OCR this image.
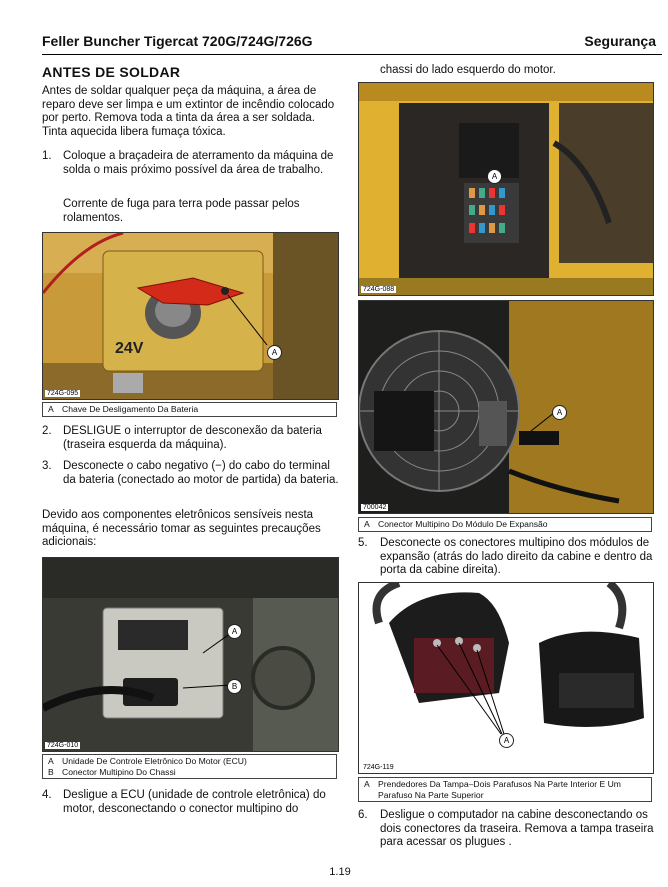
Feller Buncher Tigercat 720G/724G/726G	Segurança
ANTES DE SOLDAR
Antes de soldar qualquer peça da máquina, a área de reparo deve ser limpa e um extintor de incêndio colocado por perto. Remova toda a tinta da área a ser soldada. Tinta aquecida libera fumaça tóxica.
1. Coloque a braçadeira de aterramento da máquina de solda o mais próximo possível da área de trabalho.
Corrente de fuga para terra pode passar pelos rolamentos.
24V	A
724G-095
A Chave De Desligamento Da Bateria
2. DESLIGUE o interruptor de desconexão da bateria (traseira esquerda da máquina).
3. Desconecte o cabo negativo (−) do cabo do terminal da bateria (conectado ao motor de partida) da bateria.
Devido aos componentes eletrônicos sensíveis nesta máquina, é necessário tomar as seguintes precauções adicionais:
A
B
724G-010
A Unidade De Controle Eletrônico Do Motor (ECU)
B Conector Multipino Do Chassi
4. Desligue a ECU (unidade de controle eletrônica) do motor, desconectando o conector multipino do
chassi do lado esquerdo do motor.
A
724G-088
A
700042
A Conector Multipino Do Módulo De Expansão
5.	Desconecte os conectores multipino dos módulos de expansão (atrás do lado direito da cabine e dentro da porta da cabine direita).
A
724G-119
A Prendedores Da Tampa–Dois Parafusos Na Parte Interior E Um Parafuso Na Parte Superior
6.	Desligue o computador na cabine desconectando os dois conectores da traseira. Remova a tampa traseira para acessar os plugues .
1.19
